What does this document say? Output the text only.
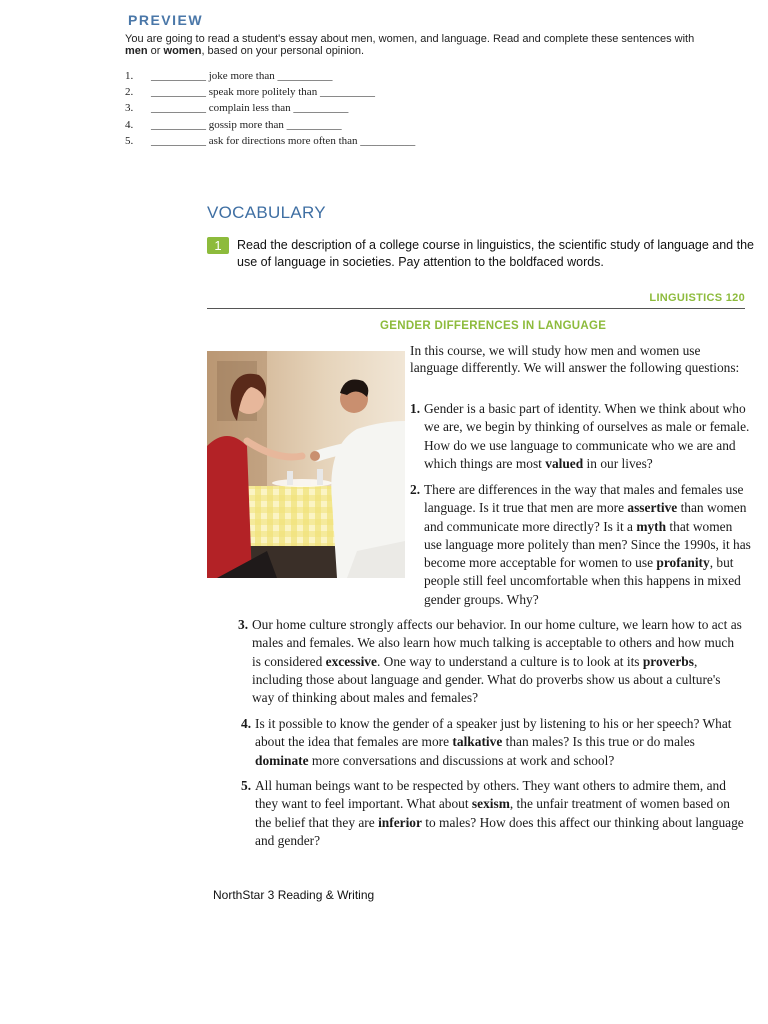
PREVIEW
You are going to read a student's essay about men, women, and language. Read and complete these sentences with men or women, based on your personal opinion.
1. __________ joke more than __________
2. __________ speak more politely than __________
3. __________ complain less than __________
4. __________ gossip more than __________
5. __________ ask for directions more often than __________
VOCABULARY
1	Read the description of a college course in linguistics, the scientific study of language and the use of language in societies. Pay attention to the boldfaced words.
LINGUISTICS 120
GENDER DIFFERENCES IN LANGUAGE
In this course, we will study how men and women use language differently. We will answer the following questions:
1. Gender is a basic part of identity. When we think about who we are, we begin by thinking of ourselves as male or female. How do we use language to communicate who we are and which things are most valued in our lives?
2. There are differences in the way that males and females use language. Is it true that men are more assertive than women and communicate more directly? Is it a myth that women use language more politely than men? Since the 1990s, it has become more acceptable for women to use profanity, but people still feel uncomfortable when this happens in mixed gender groups. Why?
3. Our home culture strongly affects our behavior. In our home culture, we learn how to act as males and females. We also learn how much talking is acceptable to others and how much is considered excessive. One way to understand a culture is to look at its proverbs, including those about language and gender. What do proverbs show us about a culture's way of thinking about males and females?
4. Is it possible to know the gender of a speaker just by listening to his or her speech? What about the idea that females are more talkative than males? Is this true or do males dominate more conversations and discussions at work and school?
5. All human beings want to be respected by others. They want others to admire them, and they want to feel important. What about sexism, the unfair treatment of women based on the belief that they are inferior to males? How does this affect our thinking about language and gender?
NorthStar 3 Reading & Writing
